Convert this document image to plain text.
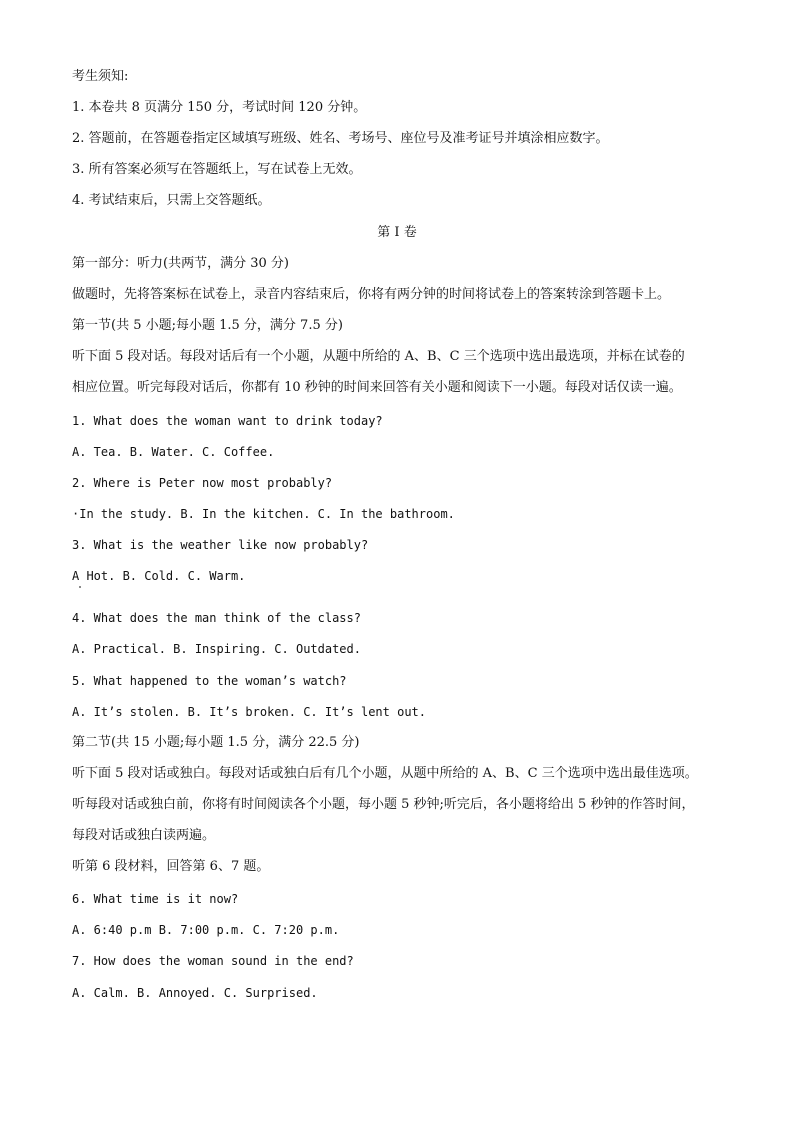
考生须知:
1. 本卷共 8 页满分 150 分，考试时间 120 分钟。
2. 答题前，在答题卷指定区域填写班级、姓名、考场号、座位号及准考证号并填涂相应数字。
3. 所有答案必须写在答题纸上，写在试卷上无效。
4. 考试结束后，只需上交答题纸。
第 I 卷
第一部分：听力(共两节，满分 30 分)
做题时，先将答案标在试卷上，录音内容结束后，你将有两分钟的时间将试卷上的答案转涂到答题卡上。
第一节(共 5 小题;每小题 1.5 分，满分 7.5 分)
听下面 5 段对话。每段对话后有一个小题，从题中所给的 A、B、C 三个选项中选出最选项，并标在试卷的
相应位置。听完每段对话后，你都有 10 秒钟的时间来回答有关小题和阅读下一小题。每段对话仅读一遍。
1. What does the woman want to drink today?
A. Tea. B. Water. C. Coffee.
2. Where is Peter now most probably?
·In the study. B. In the kitchen. C. In the bathroom.
3. What is the weather like now probably?
A Hot. B. Cold. C. Warm.
4. What does the man think of the class?
A. Practical. B. Inspiring. C. Outdated.
5. What happened to the woman’s watch?
A. It’s stolen. B. It’s broken. C. It’s lent out.
第二节(共 15 小题;每小题 1.5 分，满分 22.5 分)
听下面 5 段对话或独白。每段对话或独白后有几个小题，从题中所给的 A、B、C 三个选项中选出最佳选项。
听每段对话或独白前，你将有时间阅读各个小题，每小题 5 秒钟;听完后，各小题将给出 5 秒钟的作答时间，
每段对话或独白读两遍。
听第 6 段材料，回答第 6、7 题。
6. What time is it now?
A. 6:40 p.m B. 7:00 p.m. C. 7:20 p.m.
7. How does the woman sound in the end?
A. Calm. B. Annoyed. C. Surprised.
